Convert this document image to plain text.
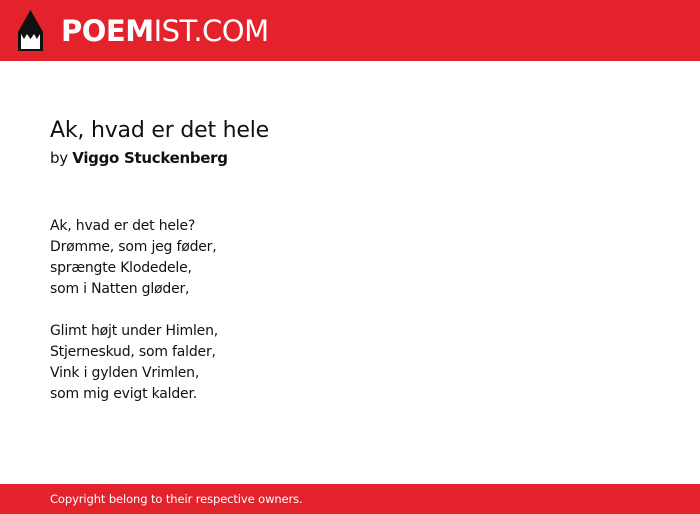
POEMIST.COM
Ak, hvad er det hele
by Viggo Stuckenberg
Ak, hvad er det hele?
Drømme, som jeg føder,
sprængte Klodedele,
som i Natten gløder,
Glimt højt under Himlen,
Stjerneskud, som falder,
Vink i gylden Vrimlen,
som mig evigt kalder.
Copyright belong to their respective owners.
